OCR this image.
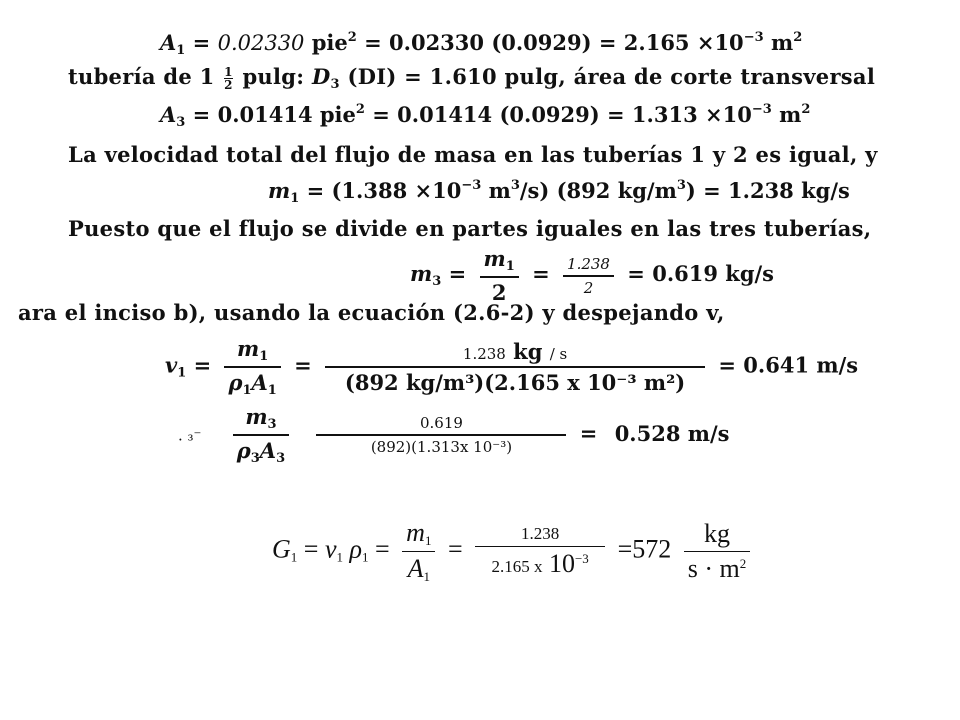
$A_1 = 0.02330$ pie$^2$ = 0.02330 $(0.0929) = 2.165 \times 10^{-3}$ $m^2$
tubería de $1 \frac{1}{2} pulg$: $D_3$ (DI) = 1.610 pulg, área de corte transversal
$A_3 = 0.01414$ pie$^2$ = 0.01414 $(0.0929) = 1.313 \times 10^{-3}$ $m^2$
La velocidad total del flujo de masa en las tuberías 1 y 2 es igual, y
$m_1 = (1.388 \times 10^{-3}$ $m^3/s$) (892 $kg/m^3) = 1.238$ kg/s
Puesto que el flujo se divide en partes iguales en las tres tuberías,
$m_3 = \frac{m_1}{2} = \frac{1.238}{2} = 0.619$ kg/s
ara el inciso b), usando la ecuación (2.6-2) y despejando v,
$v_1 = \frac{m_1}{\rho_1A_1} = \frac{1.238 kg / s}{\text{(892 kg/m³)(2.165 x 10⁻³ m²)}} = 0.641$ m/s
. $_3^- \frac{m_3}{\rho_3A_3}$
$\frac{0.619}{\text{(892)(1.313x 10⁻³)}} = 0.528$ m/s
$G_1 = v_1$ $\rho_1 = \frac{m_1}{A_1} = \frac{1.238}{2.165 x 10^{-3}} =572 \frac{kg}{s \cdot m^2}$
